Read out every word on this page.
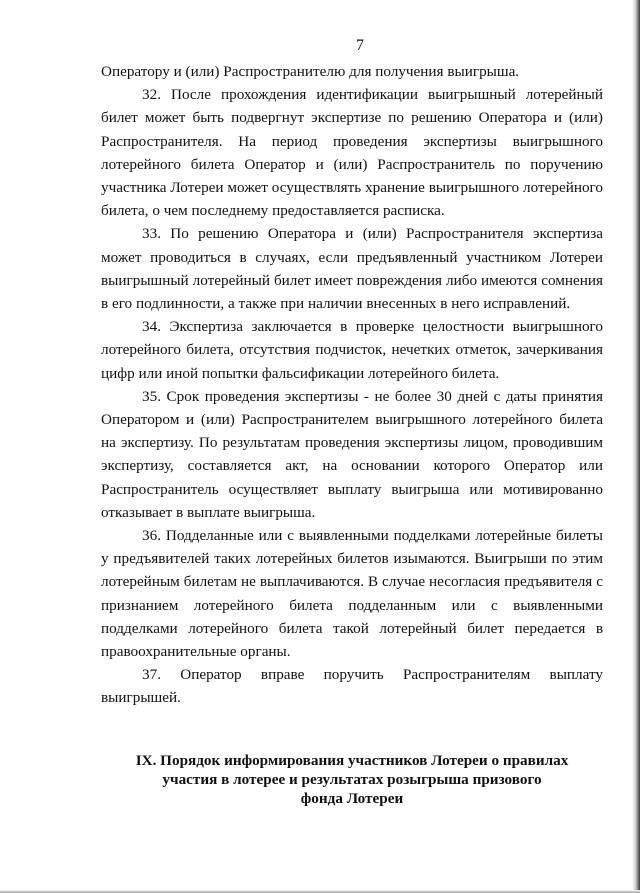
7

Оператору и (или) Распространителю для получения выигрыша.

32. После прохождения идентификации выигрышный лотерейный билет может быть подвергнут экспертизе по решению Оператора и (или) Распространителя. На период проведения экспертизы выигрышного лотерейного билета Оператор и (или) Распространитель по поручению участника Лотереи может осуществлять хранение выигрышного лотерейного билета, о чем последнему предоставляется расписка.

33. По решению Оператора и (или) Распространителя экспертиза может проводиться в случаях, если предъявленный участником Лотереи выигрышный лотерейный билет имеет повреждения либо имеются сомнения в его подлинности, а также при наличии внесенных в него исправлений.

34. Экспертиза заключается в проверке целостности выигрышного лотерейного билета, отсутствия подчисток, нечетких отметок, зачеркивания цифр или иной попытки фальсификации лотерейного билета.

35. Срок проведения экспертизы - не более 30 дней с даты принятия Оператором и (или) Распространителем выигрышного лотерейного билета на экспертизу. По результатам проведения экспертизы лицом, проводившим экспертизу, составляется акт, на основании которого Оператор или Распространитель осуществляет выплату выигрыша или мотивированно отказывает в выплате выигрыша.

36. Подделанные или с выявленными подделками лотерейные билеты у предъявителей таких лотерейных билетов изымаются. Выигрыши по этим лотерейным билетам не выплачиваются. В случае несогласия предъявителя с признанием лотерейного билета подделанным или с выявленными подделками лотерейного билета такой лотерейный билет передается в правоохранительные органы.

37. Оператор вправе поручить Распространителям выплату выигрышей.

IX. Порядок информирования участников Лотереи о правилах
участия в лотерее и результатах розыгрыша призового
фонда Лотереи
